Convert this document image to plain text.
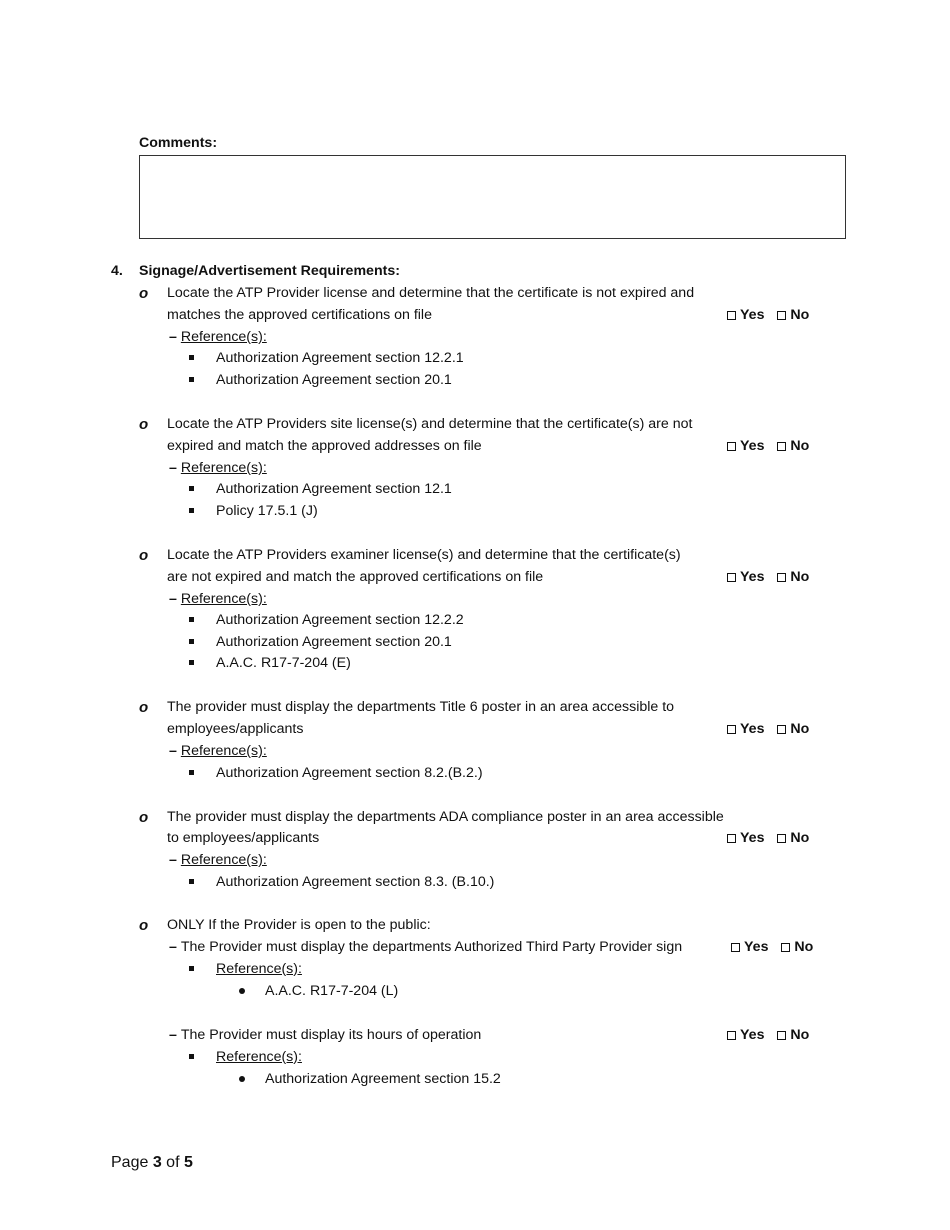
Comments:
4. Signage/Advertisement Requirements:
o Locate the ATP Provider license and determine that the certificate is not expired and
matches the approved certifications on file	Yes
No
– Reference(s):
Authorization Agreement section 12.2.1
Authorization Agreement section 20.1
o Locate the ATP Providers site license(s) and determine that the certificate(s) are not
expired and match the approved addresses on file	Yes
No
– Reference(s):
Authorization Agreement section 12.1
Policy 17.5.1 (J)
o Locate the ATP Providers examiner license(s) and determine that the certificate(s)
are not expired and match the approved certifications on file	Yes
No
– Reference(s):
Authorization Agreement section 12.2.2
Authorization Agreement section 20.1
A.A.C. R17-7-204 (E)
o The provider must display the departments Title 6 poster in an area accessible to
employees/applicants	Yes
No
– Reference(s):
Authorization Agreement section 8.2.(B.2.)
o The provider must display the departments ADA compliance poster in an area accessible
to employees/applicants	Yes
No
– Reference(s):
Authorization Agreement section 8.3. (B.10.)
o ONLY If the Provider is open to the public:
– The Provider must display the departments Authorized Third Party Provider sign	Yes
No
Reference(s):
A.A.C. R17-7-204 (L)
– The Provider must display its hours of operation	Yes
No
Reference(s):
Authorization Agreement section 15.2
Page 3 of 5
